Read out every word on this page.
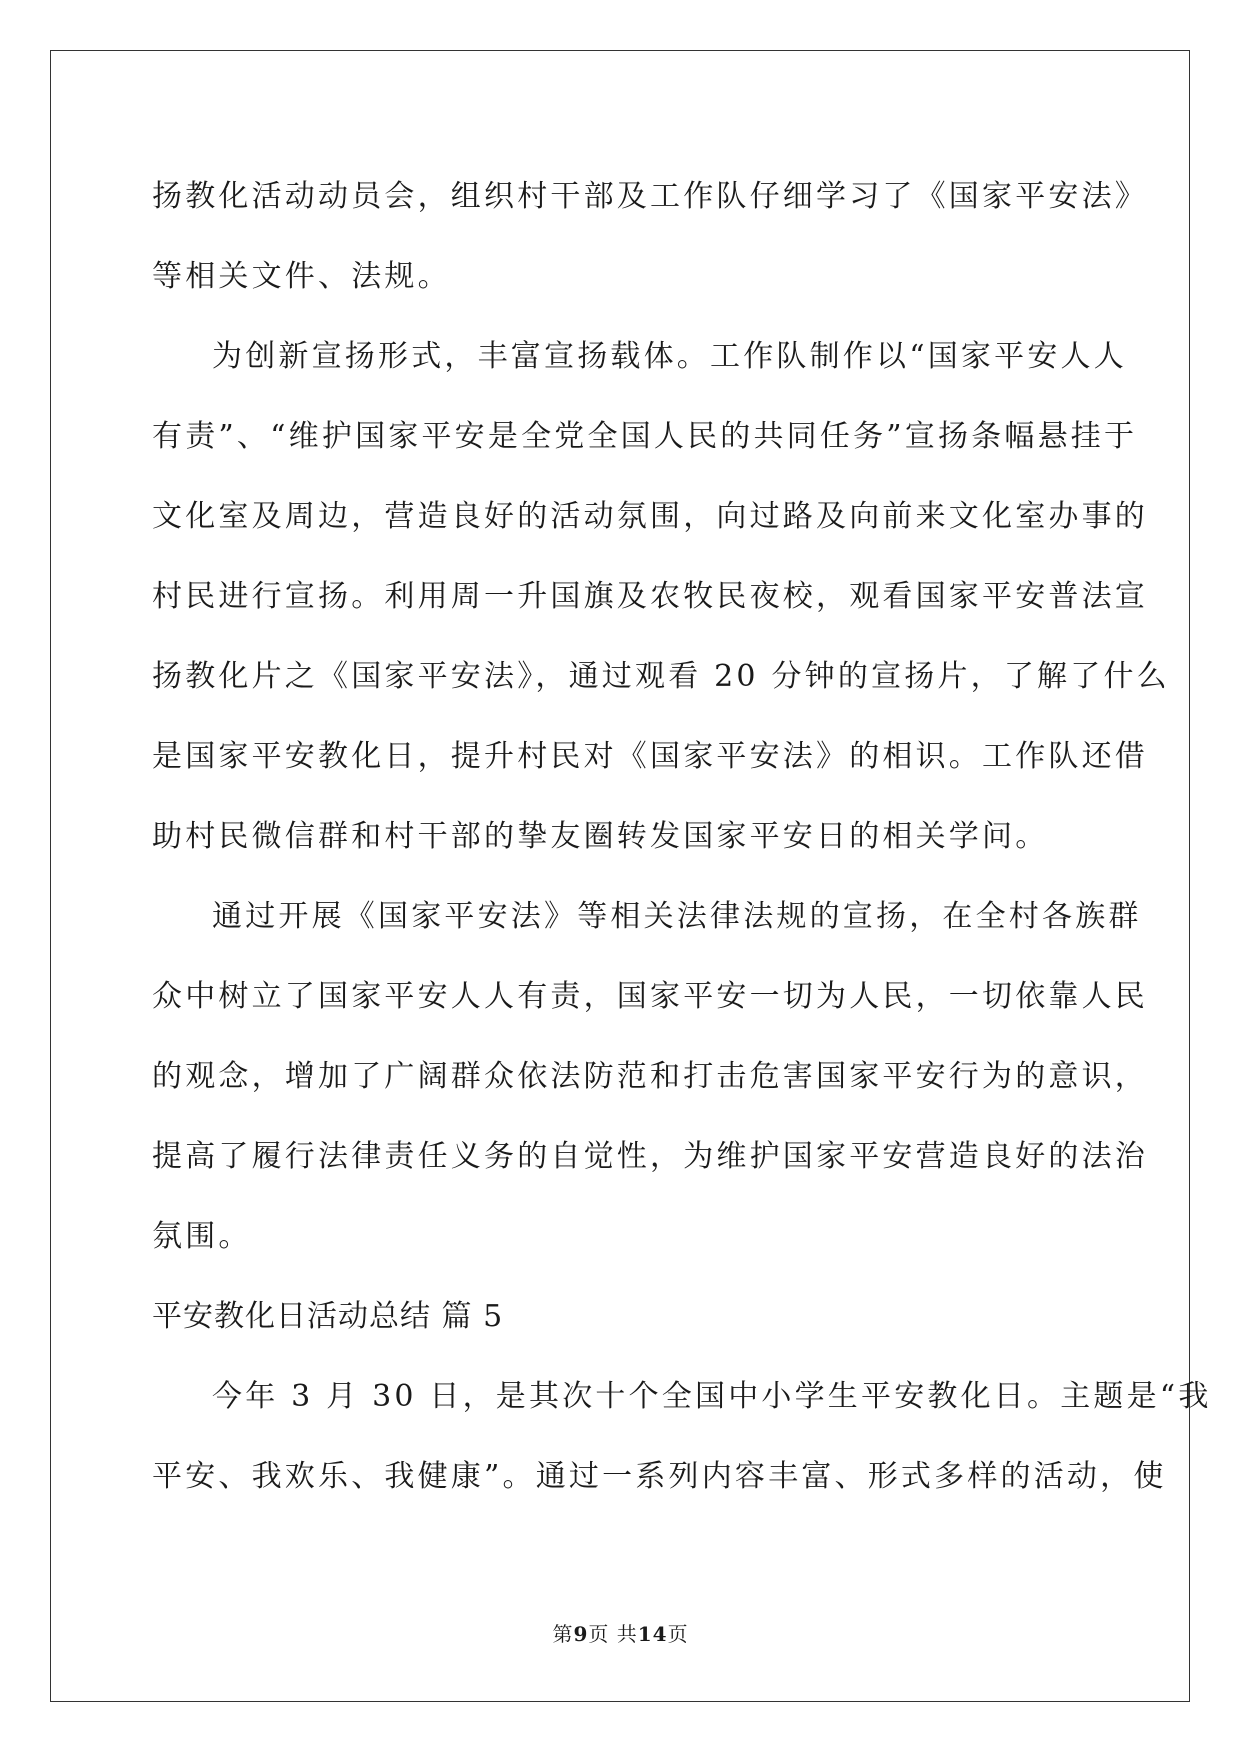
扬教化活动动员会，组织村干部及工作队仔细学习了《国家平安法》
等相关文件、法规。
为创新宣扬形式，丰富宣扬载体。工作队制作以“国家平安人人
有责”、“维护国家平安是全党全国人民的共同任务”宣扬条幅悬挂于
文化室及周边，营造良好的活动氛围，向过路及向前来文化室办事的
村民进行宣扬。利用周一升国旗及农牧民夜校，观看国家平安普法宣
扬教化片之《国家平安法》，通过观看 20 分钟的宣扬片，了解了什么
是国家平安教化日，提升村民对《国家平安法》的相识。工作队还借
助村民微信群和村干部的挚友圈转发国家平安日的相关学问。
通过开展《国家平安法》等相关法律法规的宣扬，在全村各族群
众中树立了国家平安人人有责，国家平安一切为人民，一切依靠人民
的观念，增加了广阔群众依法防范和打击危害国家平安行为的意识，
提高了履行法律责任义务的自觉性，为维护国家平安营造良好的法治
氛围。
平安教化日活动总结 篇 5
今年 3 月 30 日，是其次十个全国中小学生平安教化日。主题是“我
平安、我欢乐、我健康”。通过一系列内容丰富、形式多样的活动，使
第9页 共14页
